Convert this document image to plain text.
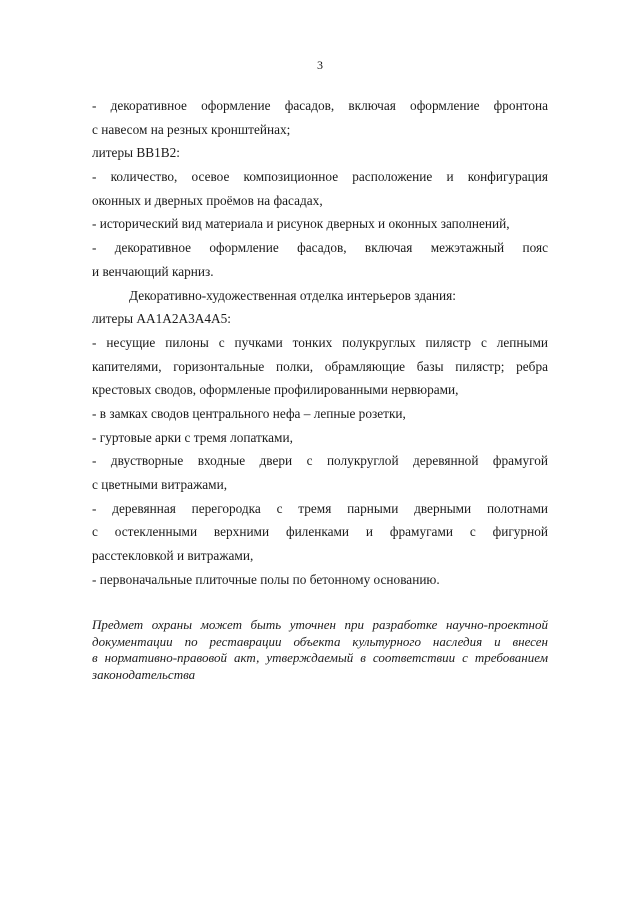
3
- декоративное оформление фасадов, включая оформление фронтона
с навесом на резных кронштейнах;
литеры ВВ1В2:
- количество, осевое композиционное расположение и конфигурация
оконных и дверных проёмов на фасадах,
- исторический вид материала и рисунок дверных и оконных заполнений,
- декоративное оформление фасадов, включая межэтажный пояс
и венчающий карниз.
Декоративно-художественная отделка интерьеров здания:
литеры АА1А2А3А4А5:
- несущие пилоны с пучками тонких полукруглых пилястр с лепными
капителями, горизонтальные полки, обрамляющие базы пилястр; ребра
крестовых сводов, оформленые профилированными нервюрами,
- в замках сводов центрального нефа – лепные розетки,
- гуртовые арки с тремя лопатками,
- двустворные входные двери с полукруглой деревянной фрамугой
с цветными витражами,
- деревянная перегородка с тремя парными дверными полотнами
с остекленными верхними филенками и фрамугами с фигурной
расстекловкой и витражами,
- первоначальные плиточные полы по бетонному основанию.
Предмет охраны может быть уточнен при разработке научно-проектной
документации по реставрации объекта культурного наследия и внесен
в нормативно-правовой акт, утверждаемый в соответствии с требованием
законодательства
